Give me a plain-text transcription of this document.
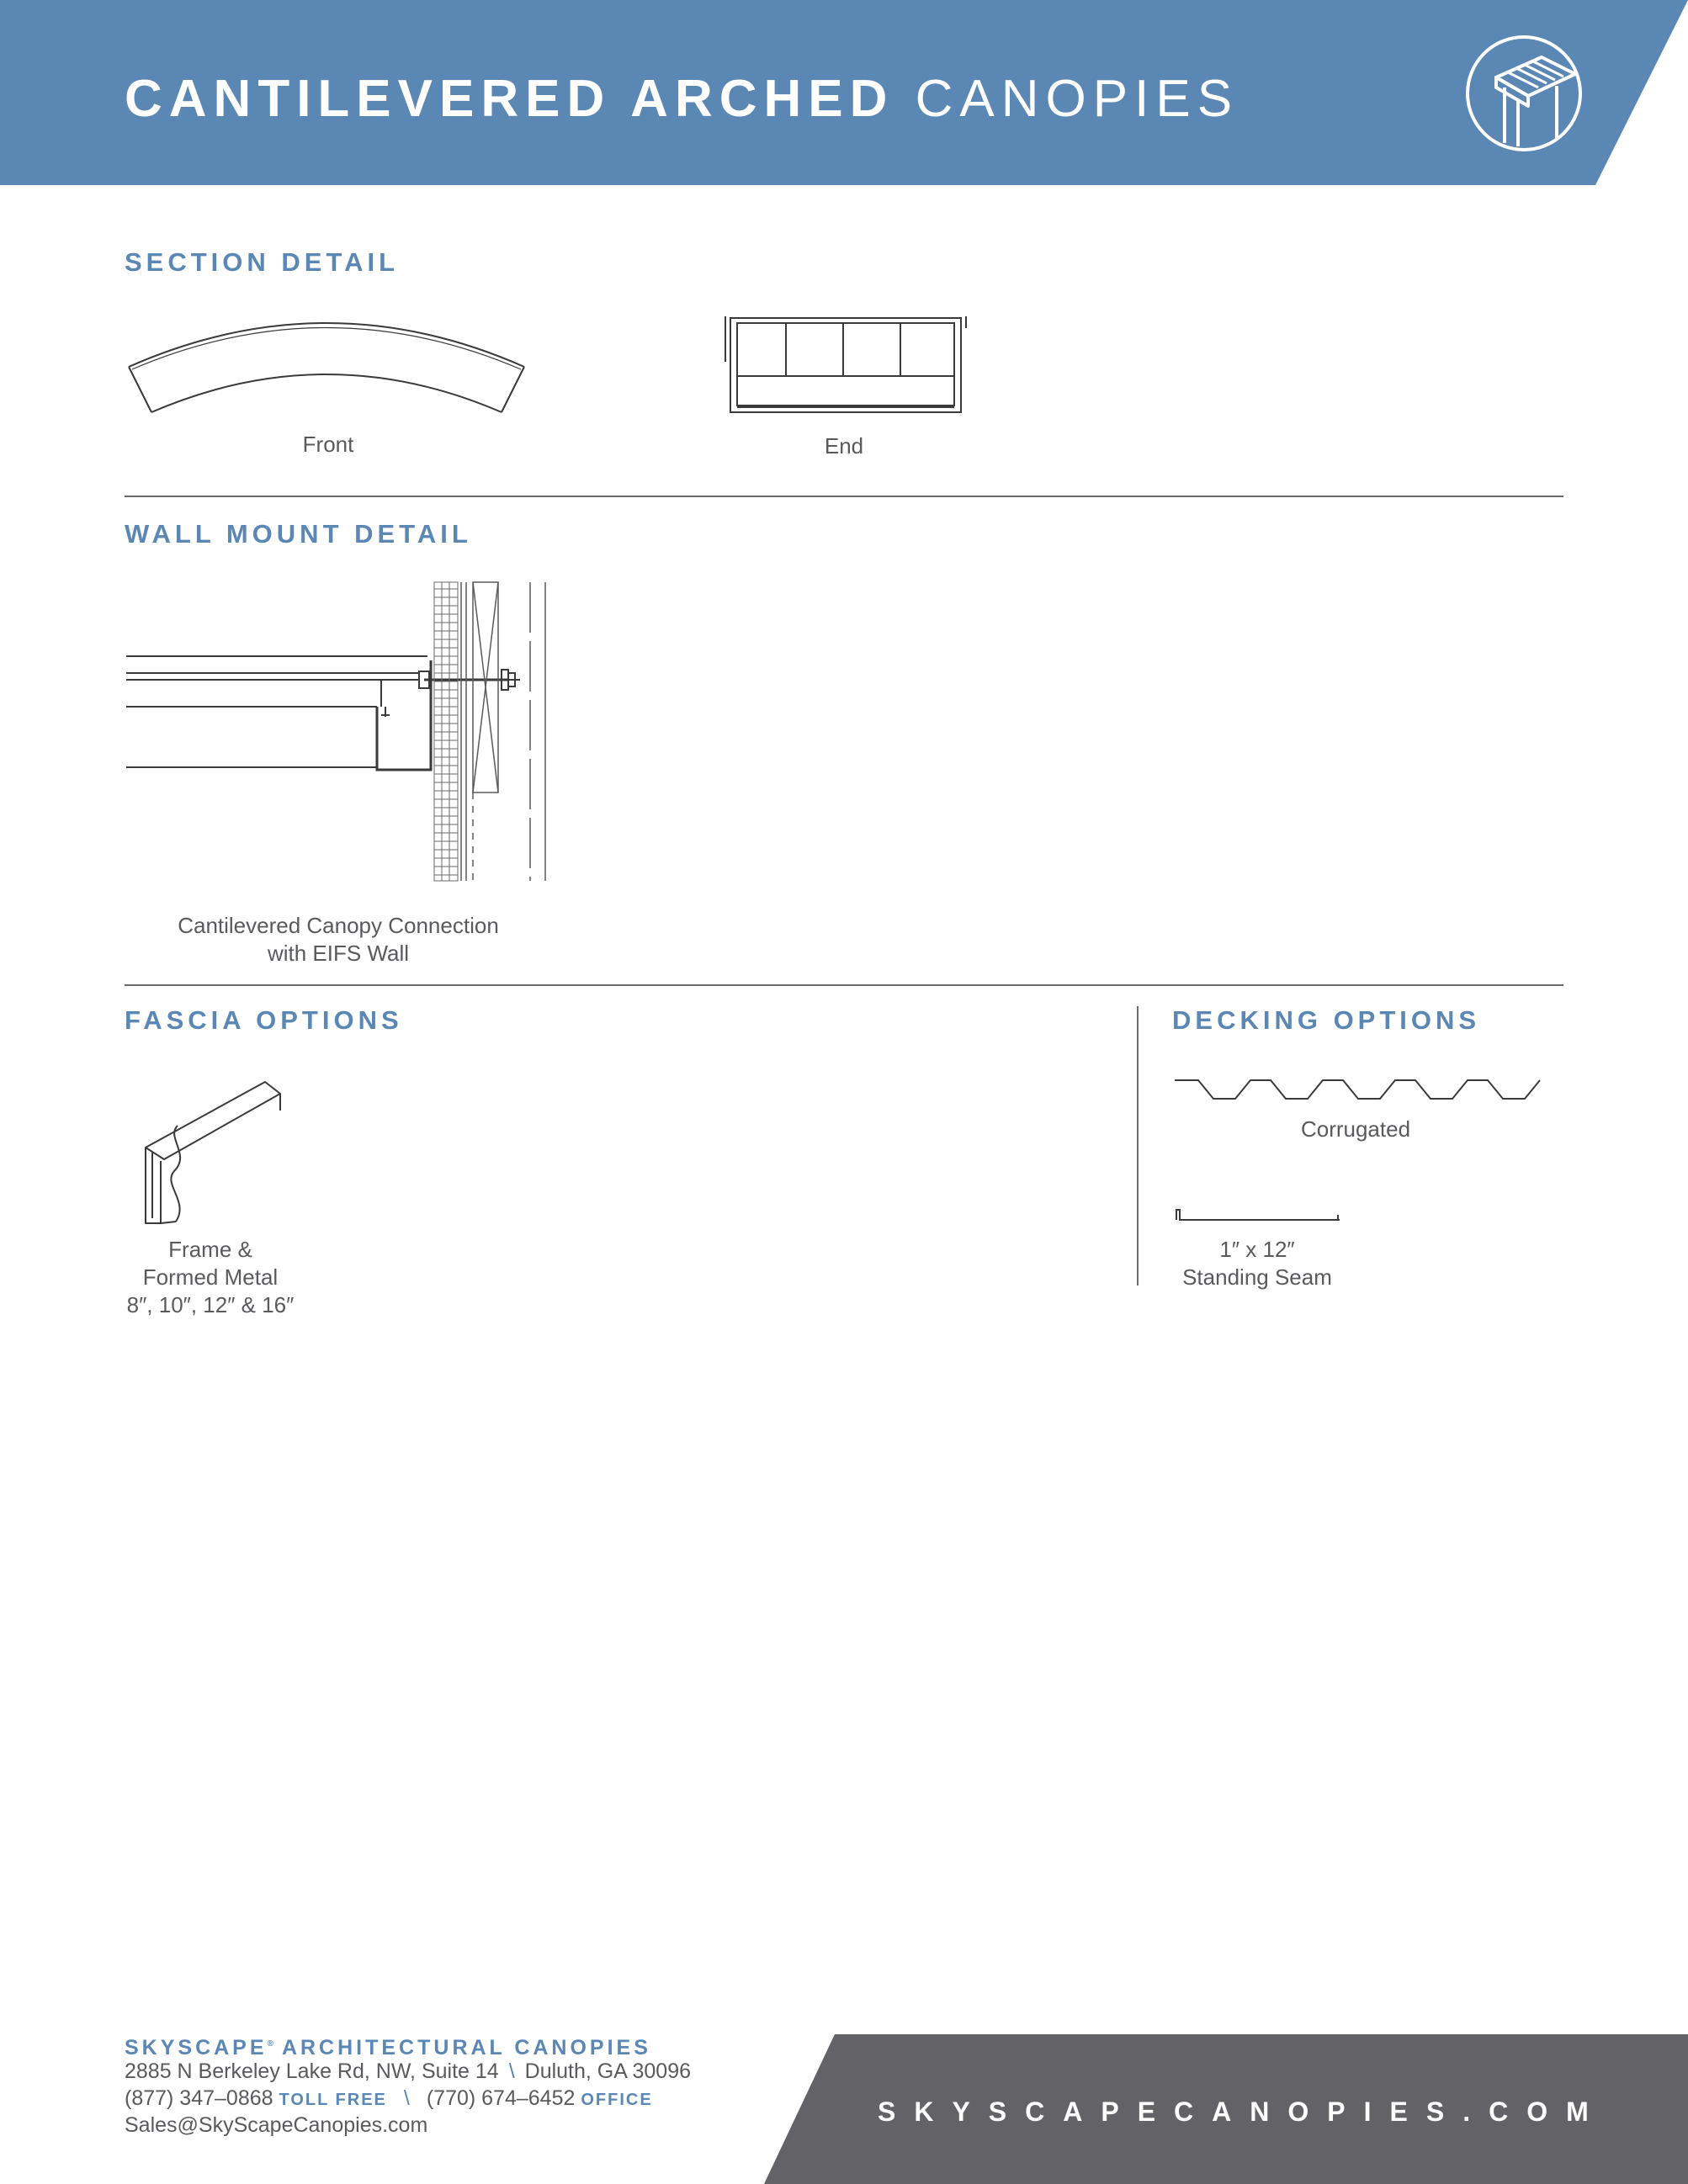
CANTILEVERED ARCHED CANOPIES
SECTION DETAIL
Front	End
WALL MOUNT DETAIL
Cantilevered Canopy Connection
with EIFS Wall
FASCIA OPTIONS
Frame &
Formed Metal
8″, 10″, 12″ & 16″
DECKING OPTIONS
Corrugated
1″ x 12″
Standing Seam
SKYSCAPE® ARCHITECTURAL CANOPIES
2885 N Berkeley Lake Rd, NW, Suite 14 \ Duluth, GA 30096
(877) 347–0868 TOLL FREE \ (770) 674–6452 OFFICE
Sales@SkyScapeCanopies.com	SKYSCAPECANOPIES.COM
